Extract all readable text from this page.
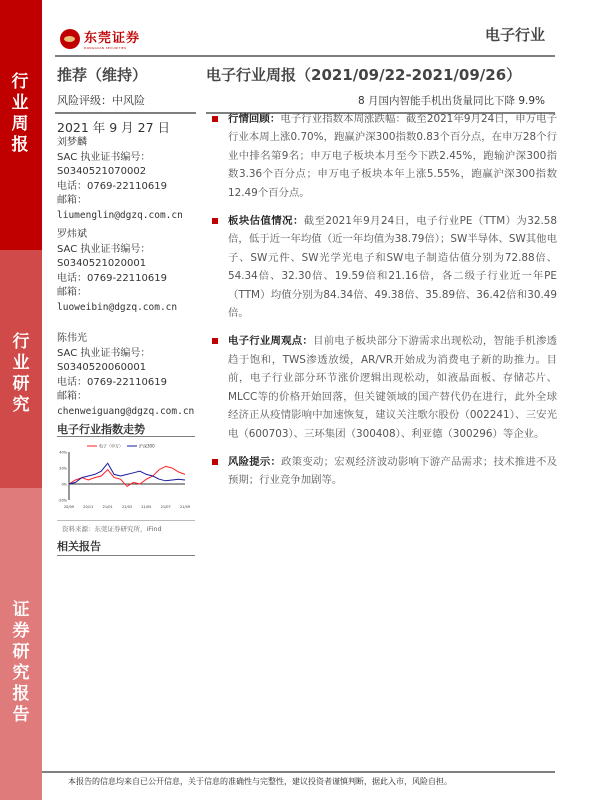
行业周报
行业研究
证券研究报告
东莞证券
DONGGUAN SECURITIES
电子行业
推荐（维持）
风险评级：中风险
电子行业周报（2021/09/22-2021/09/26）
8 月国内智能手机出货量同比下降 9.9%
2021 年 9 月 27 日
刘梦麟
SAC 执业证书编号：
S0340521070002
电话：0769-22110619
邮箱：
liumenglin@dgzq.com.cn
罗炜斌
SAC 执业证书编号：
S0340521020001
电话：0769-22110619
邮箱：
luoweibin@dgzq.com.cn
陈伟光
SAC 执业证书编号：
S0340520060001
电话：0769-22110619
邮箱：
chenweiguang@dgzq.com.cn
电子行业指数走势
40%
20%
0%
-20%
20/09	20/11	21/01	21/03	21/05	21/07	21/09
电子（申万）	沪深300
资料来源：东莞证券研究所，iFind
相关报告
行情回顾：电子行业指数本周涨跌幅：截至2021年9月24日，申万电子行业本周上涨0.70%，跑赢沪深300指数0.83个百分点，在申万28个行业中排名第9名；申万电子板块本月至今下跌2.45%，跑输沪深300指数3.36个百分点；申万电子板块本年上涨5.55%，跑赢沪深300指数12.49个百分点。
板块估值情况：截至2021年9月24日，电子行业PE（TTM）为32.58倍，低于近一年均值（近一年均值为38.79倍）；SW半导体、SW其他电子、SW元件、SW光学光电子和SW电子制造估值分别为72.88倍、54.34倍、32.30倍、19.59倍和21.16倍，各二级子行业近一年PE（TTM）均值分别为84.34倍、49.38倍、35.89倍、36.42倍和30.49倍。
电子行业周观点：目前电子板块部分下游需求出现松动，智能手机渗透趋于饱和，TWS渗透放缓，AR/VR开始成为消费电子新的助推力。目前，电子行业部分环节涨价逻辑出现松动，如液晶面板、存储芯片、MLCC等的价格开始回落，但关键领域的国产替代仍在进行，此外全球经济正从疫情影响中加速恢复，建议关注歌尔股份（002241）、三安光电（600703）、三环集团（300408）、利亚德（300296）等企业。
风险提示：政策变动；宏观经济波动影响下游产品需求；技术推进不及预期；行业竞争加剧等。
本报告的信息均来自已公开信息，关于信息的准确性与完整性，建议投资者谨慎判断，据此入市，风险自担。
